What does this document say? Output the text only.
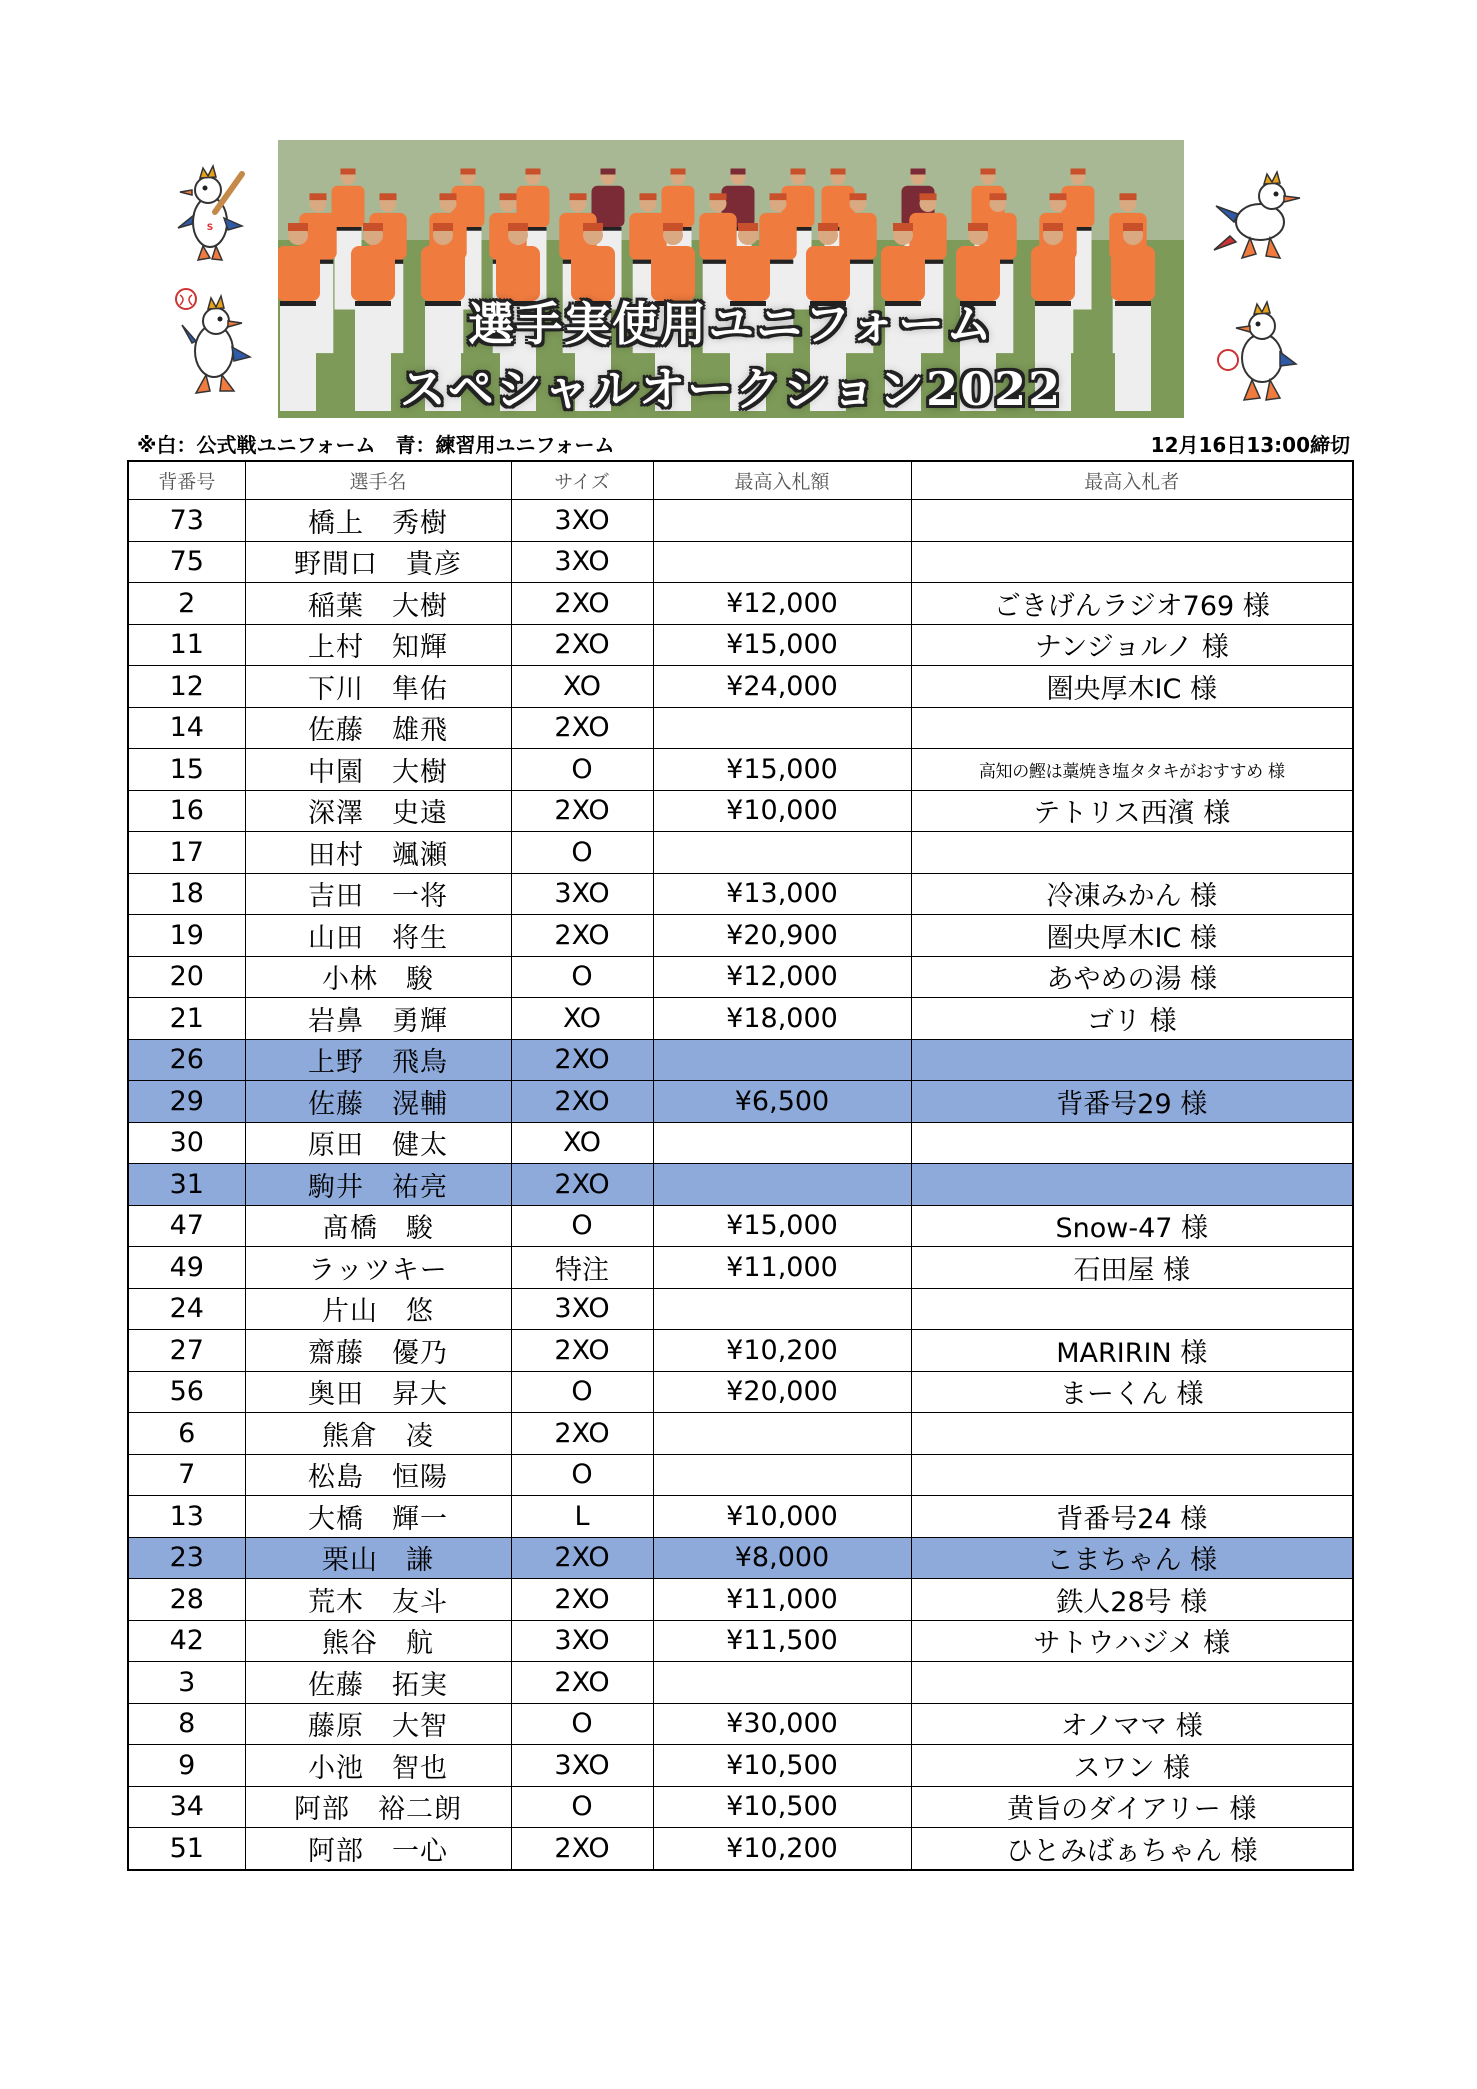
S
選手実使用ユニフォーム
スペシャルオークション2022
※白：公式戦ユニフォーム　青：練習用ユニフォーム	12月16日13:00締切
背番号	選手名	サイズ	最高入札額	最高入札者
73	橋上　秀樹	3XO		
75	野間口　貴彦	3XO		
2	稲葉　大樹	2XO	¥12,000	ごきげんラジオ769 様
11	上村　知輝	2XO	¥15,000	ナンジョルノ 様
12	下川　隼佑	XO	¥24,000	圏央厚木IC 様
14	佐藤　雄飛	2XO		
15	中園　大樹	O	¥15,000	高知の鰹は藁焼き塩タタキがおすすめ 様
16	深澤　史遠	2XO	¥10,000	テトリス西濱 様
17	田村　颯瀬	O		
18	吉田　一将	3XO	¥13,000	冷凍みかん 様
19	山田　将生	2XO	¥20,900	圏央厚木IC 様
20	小林　駿	O	¥12,000	あやめの湯 様
21	岩鼻　勇輝	XO	¥18,000	ゴリ 様
26	上野　飛鳥	2XO		
29	佐藤　滉輔	2XO	¥6,500	背番号29 様
30	原田　健太	XO		
31	駒井　祐亮	2XO		
47	髙橋　駿	O	¥15,000	Snow-47 様
49	ラッツキー	特注	¥11,000	石田屋 様
24	片山　悠	3XO		
27	齋藤　優乃	2XO	¥10,200	MARIRIN 様
56	奥田　昇大	O	¥20,000	まーくん 様
6	熊倉　凌	2XO		
7	松島　恒陽	O		
13	大橋　輝一	L	¥10,000	背番号24 様
23	栗山　謙	2XO	¥8,000	こまちゃん 様
28	荒木　友斗	2XO	¥11,000	鉄人28号 様
42	熊谷　航	3XO	¥11,500	サトウハジメ 様
3	佐藤　拓実	2XO		
8	藤原　大智	O	¥30,000	オノママ 様
9	小池　智也	3XO	¥10,500	スワン 様
34	阿部　裕二朗	O	¥10,500	黄旨のダイアリー 様
51	阿部　一心	2XO	¥10,200	ひとみばぁちゃん 様
